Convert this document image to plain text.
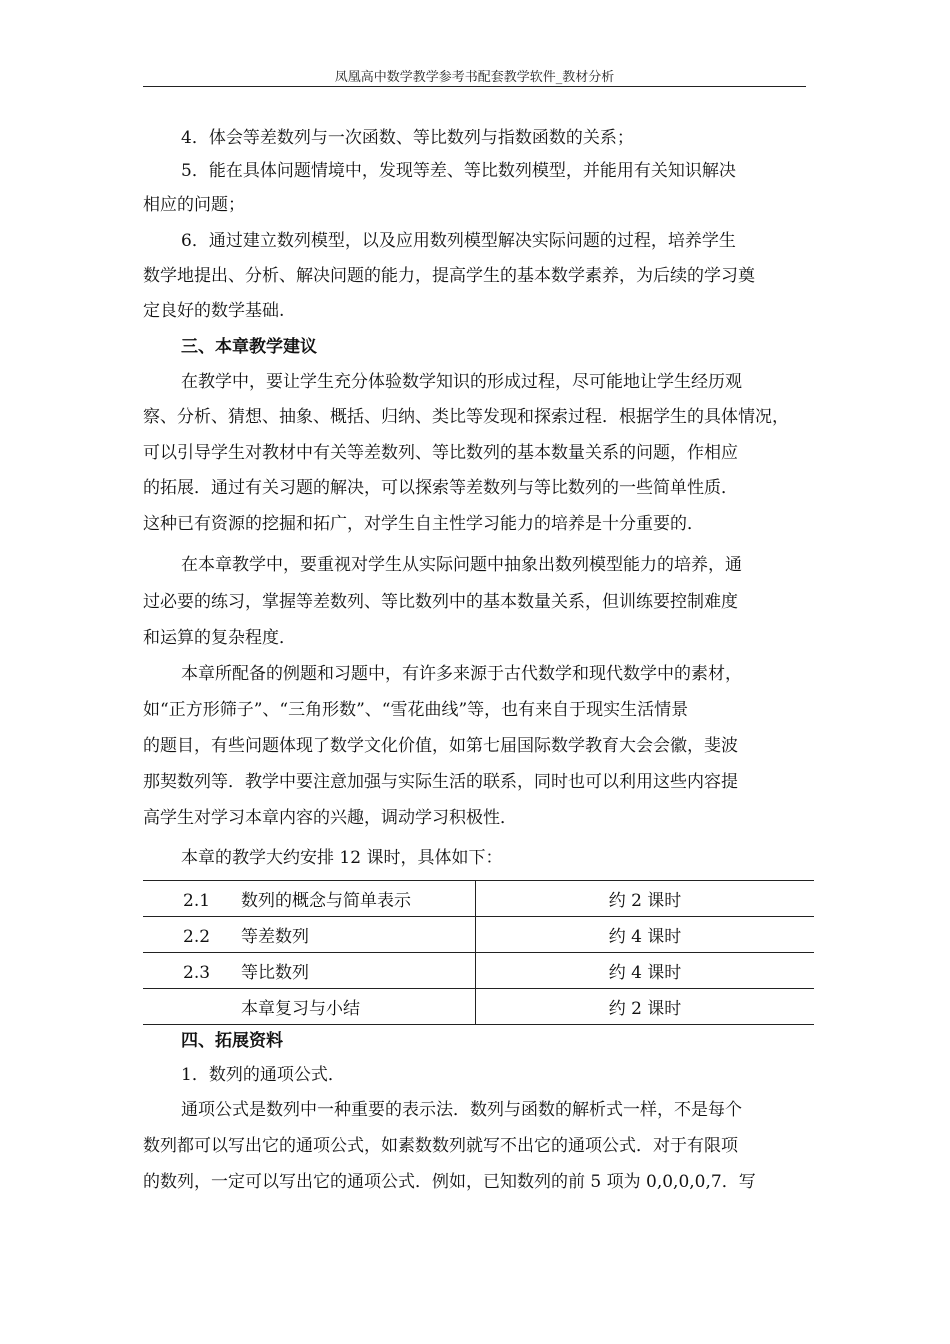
凤凰高中数学教学参考书配套教学软件_教材分析
4．体会等差数列与一次函数、等比数列与指数函数的关系；
5．能在具体问题情境中，发现等差、等比数列模型，并能用有关知识解决
相应的问题；
6．通过建立数列模型，以及应用数列模型解决实际问题的过程，培养学生
数学地提出、分析、解决问题的能力，提高学生的基本数学素养，为后续的学习奠
定良好的数学基础.
三、本章教学建议
在教学中，要让学生充分体验数学知识的形成过程，尽可能地让学生经历观
察、分析、猜想、抽象、概括、归纳、类比等发现和探索过程．根据学生的具体情况，
可以引导学生对教材中有关等差数列、等比数列的基本数量关系的问题，作相应
的拓展．通过有关习题的解决，可以探索等差数列与等比数列的一些简单性质．
这种已有资源的挖掘和拓广，对学生自主性学习能力的培养是十分重要的．
在本章教学中，要重视对学生从实际问题中抽象出数列模型能力的培养，通
过必要的练习，掌握等差数列、等比数列中的基本数量关系，但训练要控制难度
和运算的复杂程度．
本章所配备的例题和习题中，有许多来源于古代数学和现代数学中的素材，
如“正方形筛子”、“三角形数”、“雪花曲线”等，也有来自于现实生活情景
的题目，有些问题体现了数学文化价值，如第七届国际数学教育大会会徽，斐波
那契数列等．教学中要注意加强与实际生活的联系，同时也可以利用这些内容提
高学生对学习本章内容的兴趣，调动学习积极性．
本章的教学大约安排 12 课时，具体如下：
2.1 数列的概念与简单表示	约 2 课时
2.2 等差数列	约 4 课时
2.3 等比数列	约 4 课时
本章复习与小结	约 2 课时
四、拓展资料
1．数列的通项公式．
通项公式是数列中一种重要的表示法．数列与函数的解析式一样，不是每个
数列都可以写出它的通项公式，如素数数列就写不出它的通项公式．对于有限项
的数列，一定可以写出它的通项公式．例如，已知数列的前 5 项为 0,0,0,0,7．写
